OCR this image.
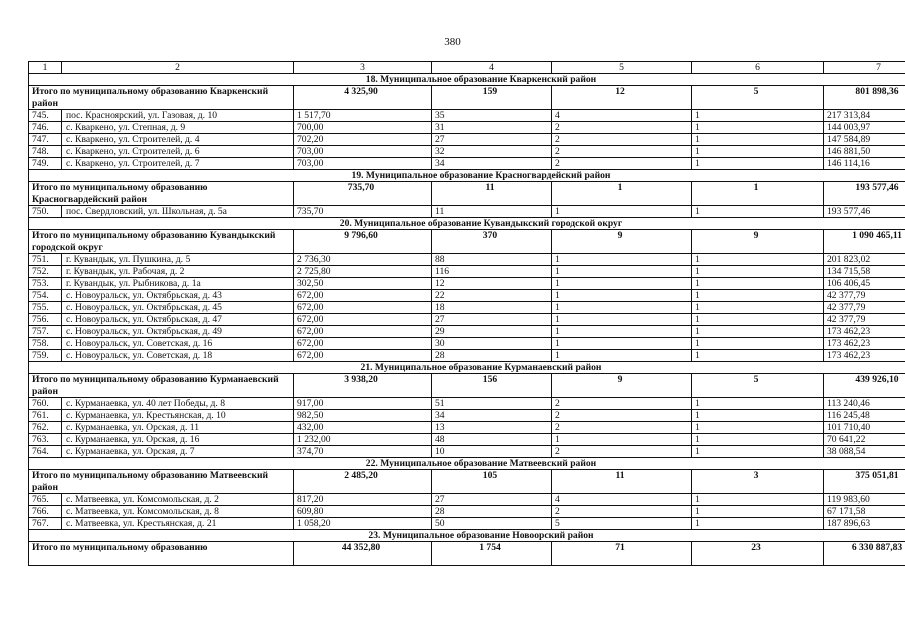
380
1	2	3	4	5	6	7
18. Муниципальное образование Кваркенский район						
Итого по муниципальному образованию Кваркенский район		4 325,90	159	12	5	801 898,36
745.	пос. Красноярский, ул. Газовая, д. 10	1 517,70	35	4	1	217 313,84
746.	с. Кваркено, ул. Степная, д. 9	700,00	31	2	1	144 003,97
747.	с. Кваркено, ул. Строителей, д. 4	702,20	27	2	1	147 584,89
748.	с. Кваркено, ул. Строителей, д. 6	703,00	32	2	1	146 881,50
749.	с. Кваркено, ул. Строителей, д. 7	703,00	34	2	1	146 114,16
19. Муниципальное образование Красногвардейский район						
Итого по муниципальному образованию Красногвардейский район		735,70	11	1	1	193 577,46
750.	пос. Свердловский, ул. Школьная, д. 5а	735,70	11	1	1	193 577,46
20. Муниципальное образование Кувандыкский городской округ						
Итого по муниципальному образованию Кувандыкский городской округ		9 796,60	370	9	9	1 090 465,11
751.	г. Кувандык, ул. Пушкина, д. 5	2 736,30	88	1	1	201 823,02
752.	г. Кувандык, ул. Рабочая, д. 2	2 725,80	116	1	1	134 715,58
753.	г. Кувандык, ул. Рыбникова, д. 1а	302,50	12	1	1	106 406,45
754.	с. Новоуральск, ул. Октябрьская, д. 43	672,00	22	1	1	42 377,79
755.	с. Новоуральск, ул. Октябрьская, д. 45	672,00	18	1	1	42 377,79
756.	с. Новоуральск, ул. Октябрьская, д. 47	672,00	27	1	1	42 377,79
757.	с. Новоуральск, ул. Октябрьская, д. 49	672,00	29	1	1	173 462,23
758.	с. Новоуральск, ул. Советская, д. 16	672,00	30	1	1	173 462,23
759.	с. Новоуральск, ул. Советская, д. 18	672,00	28	1	1	173 462,23
21. Муниципальное образование Курманаевский район						
Итого по муниципальному образованию Курманаевский район		3 938,20	156	9	5	439 926,10
760.	с. Курманаевка, ул. 40 лет Победы, д. 8	917,00	51	2	1	113 240,46
761.	с. Курманаевка, ул. Крестьянская, д. 10	982,50	34	2	1	116 245,48
762.	с. Курманаевка, ул. Орская, д. 11	432,00	13	2	1	101 710,40
763.	с. Курманаевка, ул. Орская, д. 16	1 232,00	48	1	1	70 641,22
764.	с. Курманаевка, ул. Орская, д. 7	374,70	10	2	1	38 088,54
22. Муниципальное образование Матвеевский район						
Итого по муниципальному образованию Матвеевский район		2 485,20	105	11	3	375 051,81
765.	с. Матвеевка, ул. Комсомольская, д. 2	817,20	27	4	1	119 983,60
766.	с. Матвеевка, ул. Комсомольская, д. 8	609,80	28	2	1	67 171,58
767.	с. Матвеевка, ул. Крестьянская, д. 21	1 058,20	50	5	1	187 896,63
23. Муниципальное образование Новоорский район						
Итого по муниципальному образованию		44 352,80	1 754	71	23	6 330 887,83
